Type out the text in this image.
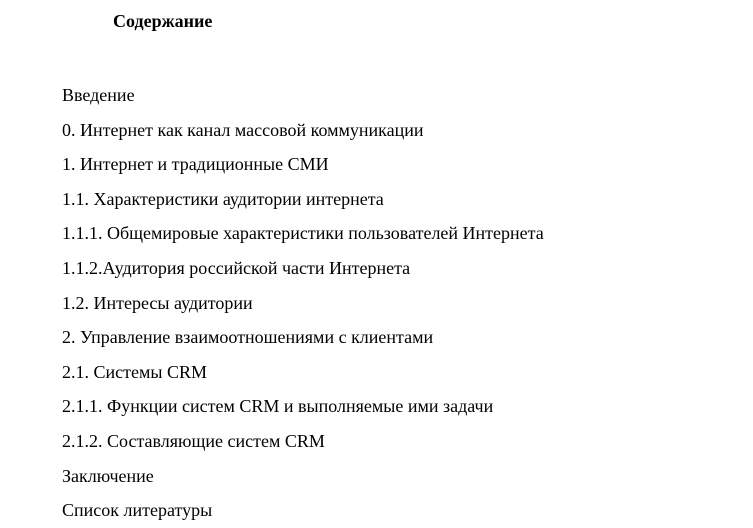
Содержание
Введение
0. Интернет как канал массовой коммуникации
1. Интернет и традиционные СМИ
1.1. Характеристики аудитории интернета
1.1.1. Общемировые характеристики пользователей Интернета
1.1.2.Аудитория российской части Интернета
1.2. Интересы аудитории
2. Управление взаимоотношениями с клиентами
2.1. Системы CRM
2.1.1. Функции систем CRM и выполняемые ими задачи
2.1.2. Составляющие систем CRM
Заключение
Список литературы
